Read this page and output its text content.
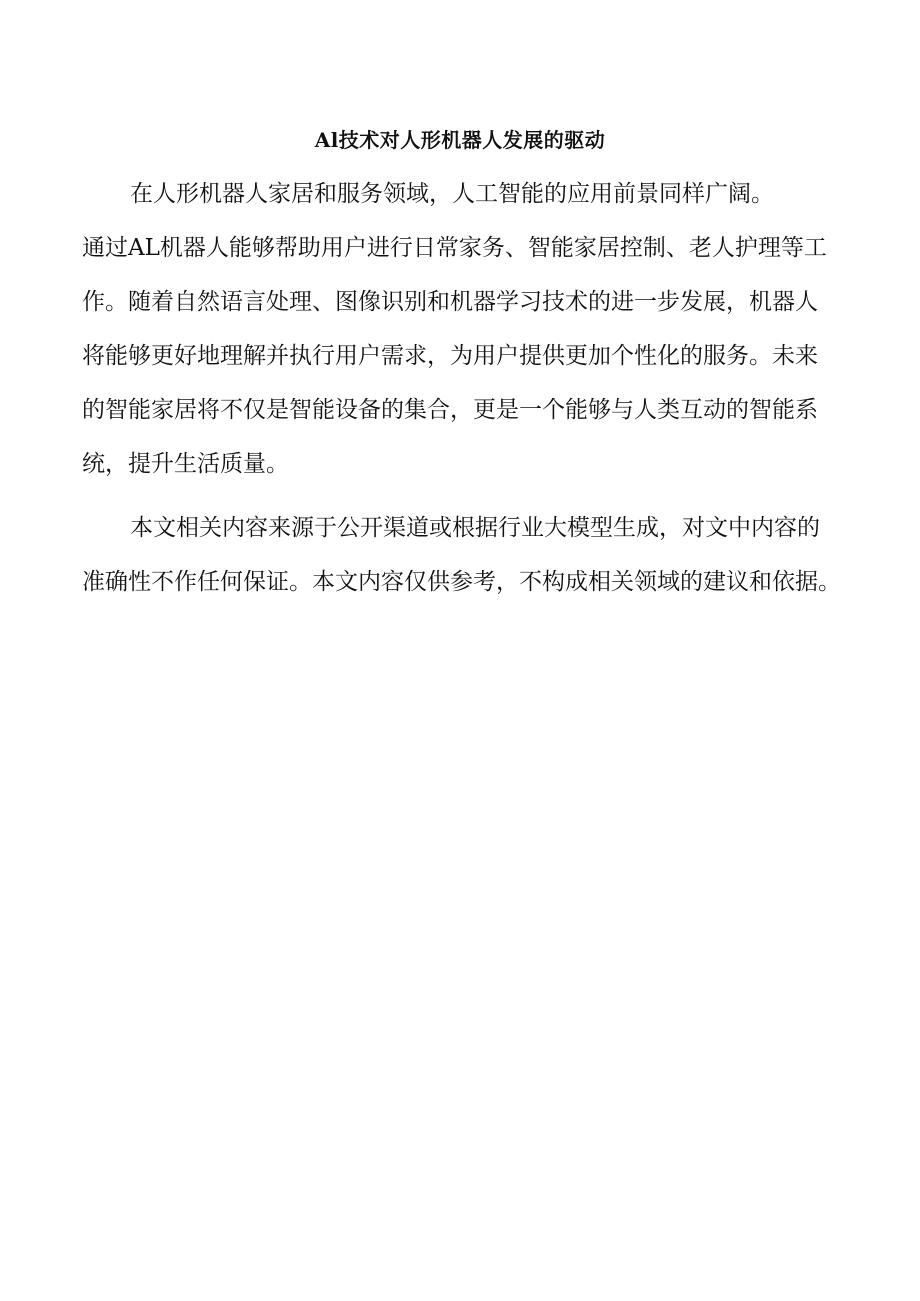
Al技术对人形机器人发展的驱动

在人形机器人家居和服务领域，人工智能的应用前景同样广阔。

通过AL机器人能够帮助用户进行日常家务、智能家居控制、老人护理等工

作。随着自然语言处理、图像识别和机器学习技术的进一步发展，机器人

将能够更好地理解并执行用户需求，为用户提供更加个性化的服务。未来

的智能家居将不仅是智能设备的集合，更是一个能够与人类互动的智能系

统，提升生活质量。

本文相关内容来源于公开渠道或根据行业大模型生成，对文中内容的

准确性不作任何保证。本文内容仅供参考，不构成相关领域的建议和依据。
